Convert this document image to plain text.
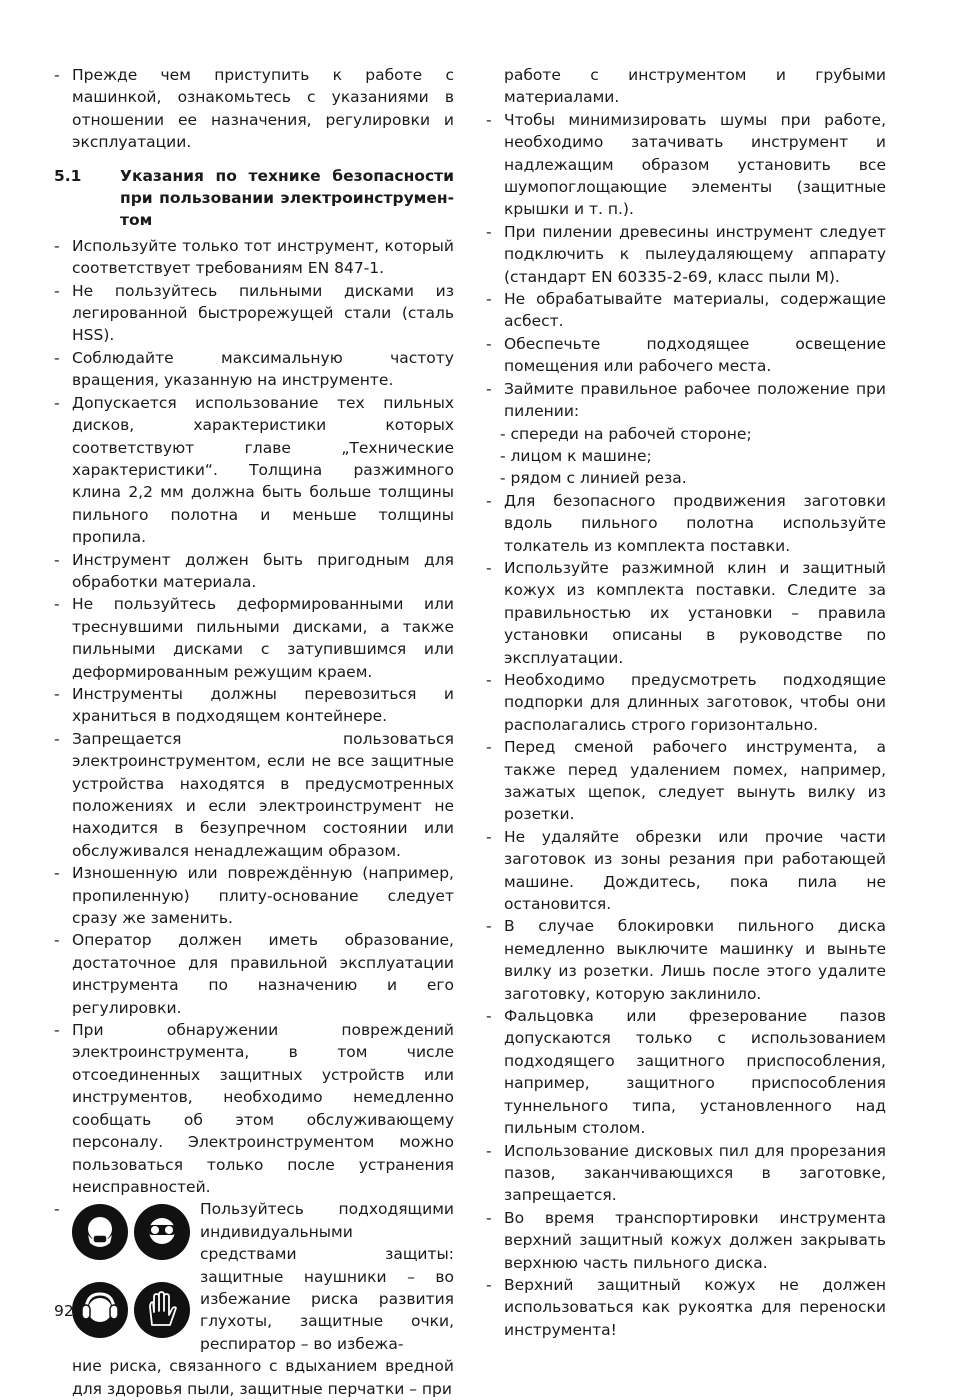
- Прежде чем приступить к работе с машинкой, ознакомьтесь с указаниями в отношении ее назначения, регулировки и эксплуатации.
5.1	Указания по технике безопасности при пользовании электроинструмен-том
- Используйте только тот инструмент, который соответствует требованиям EN 847-1.
- Не пользуйтесь пильными дисками из легированной быстрорежущей стали (сталь HSS).
- Соблюдайте максимальную частоту вращения, указанную на инструменте.
- Допускается использование тех пильных дисков, характеристики которых соответствуют главе „Технические характеристики“. Толщина разжимного клина 2,2 мм должна быть больше толщины пильного полотна и меньше толщины пропила.
- Инструмент должен быть пригодным для обработки материала.
- Не пользуйтесь деформированными или треснувшими пильными дисками, а также пильными дисками с затупившимся или деформированным режущим краем.
- Инструменты должны перевозиться и храниться в подходящем контейнере.
- Запрещается пользоваться электроинструментом, если не все защитные устройства находятся в предусмотренных положениях и если электроинструмент не находится в безупречном состоянии или обслуживался ненадлежащим образом.
- Изношенную или повреждённую (например, пропиленную) плиту-основание следует сразу же заменить.
- Оператор должен иметь образование, достаточное для правильной эксплуатации инструмента по назначению и его регулировки.
- При обнаружении повреждений электроинструмента, в том числе отсоединенных защитных устройств или инструментов, необходимо немедленно сообщать об этом обслуживающему персоналу. Электроинструментом можно пользоваться только после устранения неисправностей.
-	Пользуйтесь подходящими индивидуальными средствами защиты: защитные наушники – во избежание риска развития глухоты, защитные очки, респиратор – во избежа-
ние риска, связанного с вдыханием вредной для здоровья пыли, защитные перчатки – при
работе с инструментом и грубыми материалами.
- Чтобы минимизировать шумы при работе, необходимо затачивать инструмент и надлежащим образом установить все шумопоглощающие элементы (защитные крышки и т. п.).
- При пилении древесины инструмент следует подключить к пылеудаляющему аппарату (стандарт EN 60335-2-69, класс пыли M).
- Не обрабатывайте материалы, содержащие асбест.
- Обеспечьте подходящее освещение помещения или рабочего места.
- Займите правильное рабочее положение при пилении:
- спереди на рабочей стороне;
- лицом к машине;
- рядом с линией реза.
- Для безопасного продвижения заготовки вдоль пильного полотна используйте толкатель из комплекта поставки.
- Используйте разжимной клин и защитный кожух из комплекта поставки. Следите за правильностью их установки – правила установки описаны в руководстве по эксплуатации.
- Необходимо предусмотреть подходящие подпорки для длинных заготовок, чтобы они располагались строго горизонтально.
- Перед сменой рабочего инструмента, а также перед удалением помех, например, зажатых щепок, следует вынуть вилку из розетки.
- Не удаляйте обрезки или прочие части заготовок из зоны резания при работающей машине. Дождитесь, пока пила не остановится.
- В случае блокировки пильного диска немедленно выключите машинку и выньте вилку из розетки. Лишь после этого удалите заготовку, которую заклинило.
- Фальцовка или фрезерование пазов допускаются только с использованием подходящего защитного приспособления, например, защитного приспособления туннельного типа, установленного над пильным столом.
- Использование дисковых пил для прорезания пазов, заканчивающихся в заготовке, запрещается.
- Во время транспортировки инструмента верхний защитный кожух должен закрывать верхнюю часть пильного диска.
- Верхний защитный кожух не должен использоваться как рукоятка для переноски инструмента!
92
